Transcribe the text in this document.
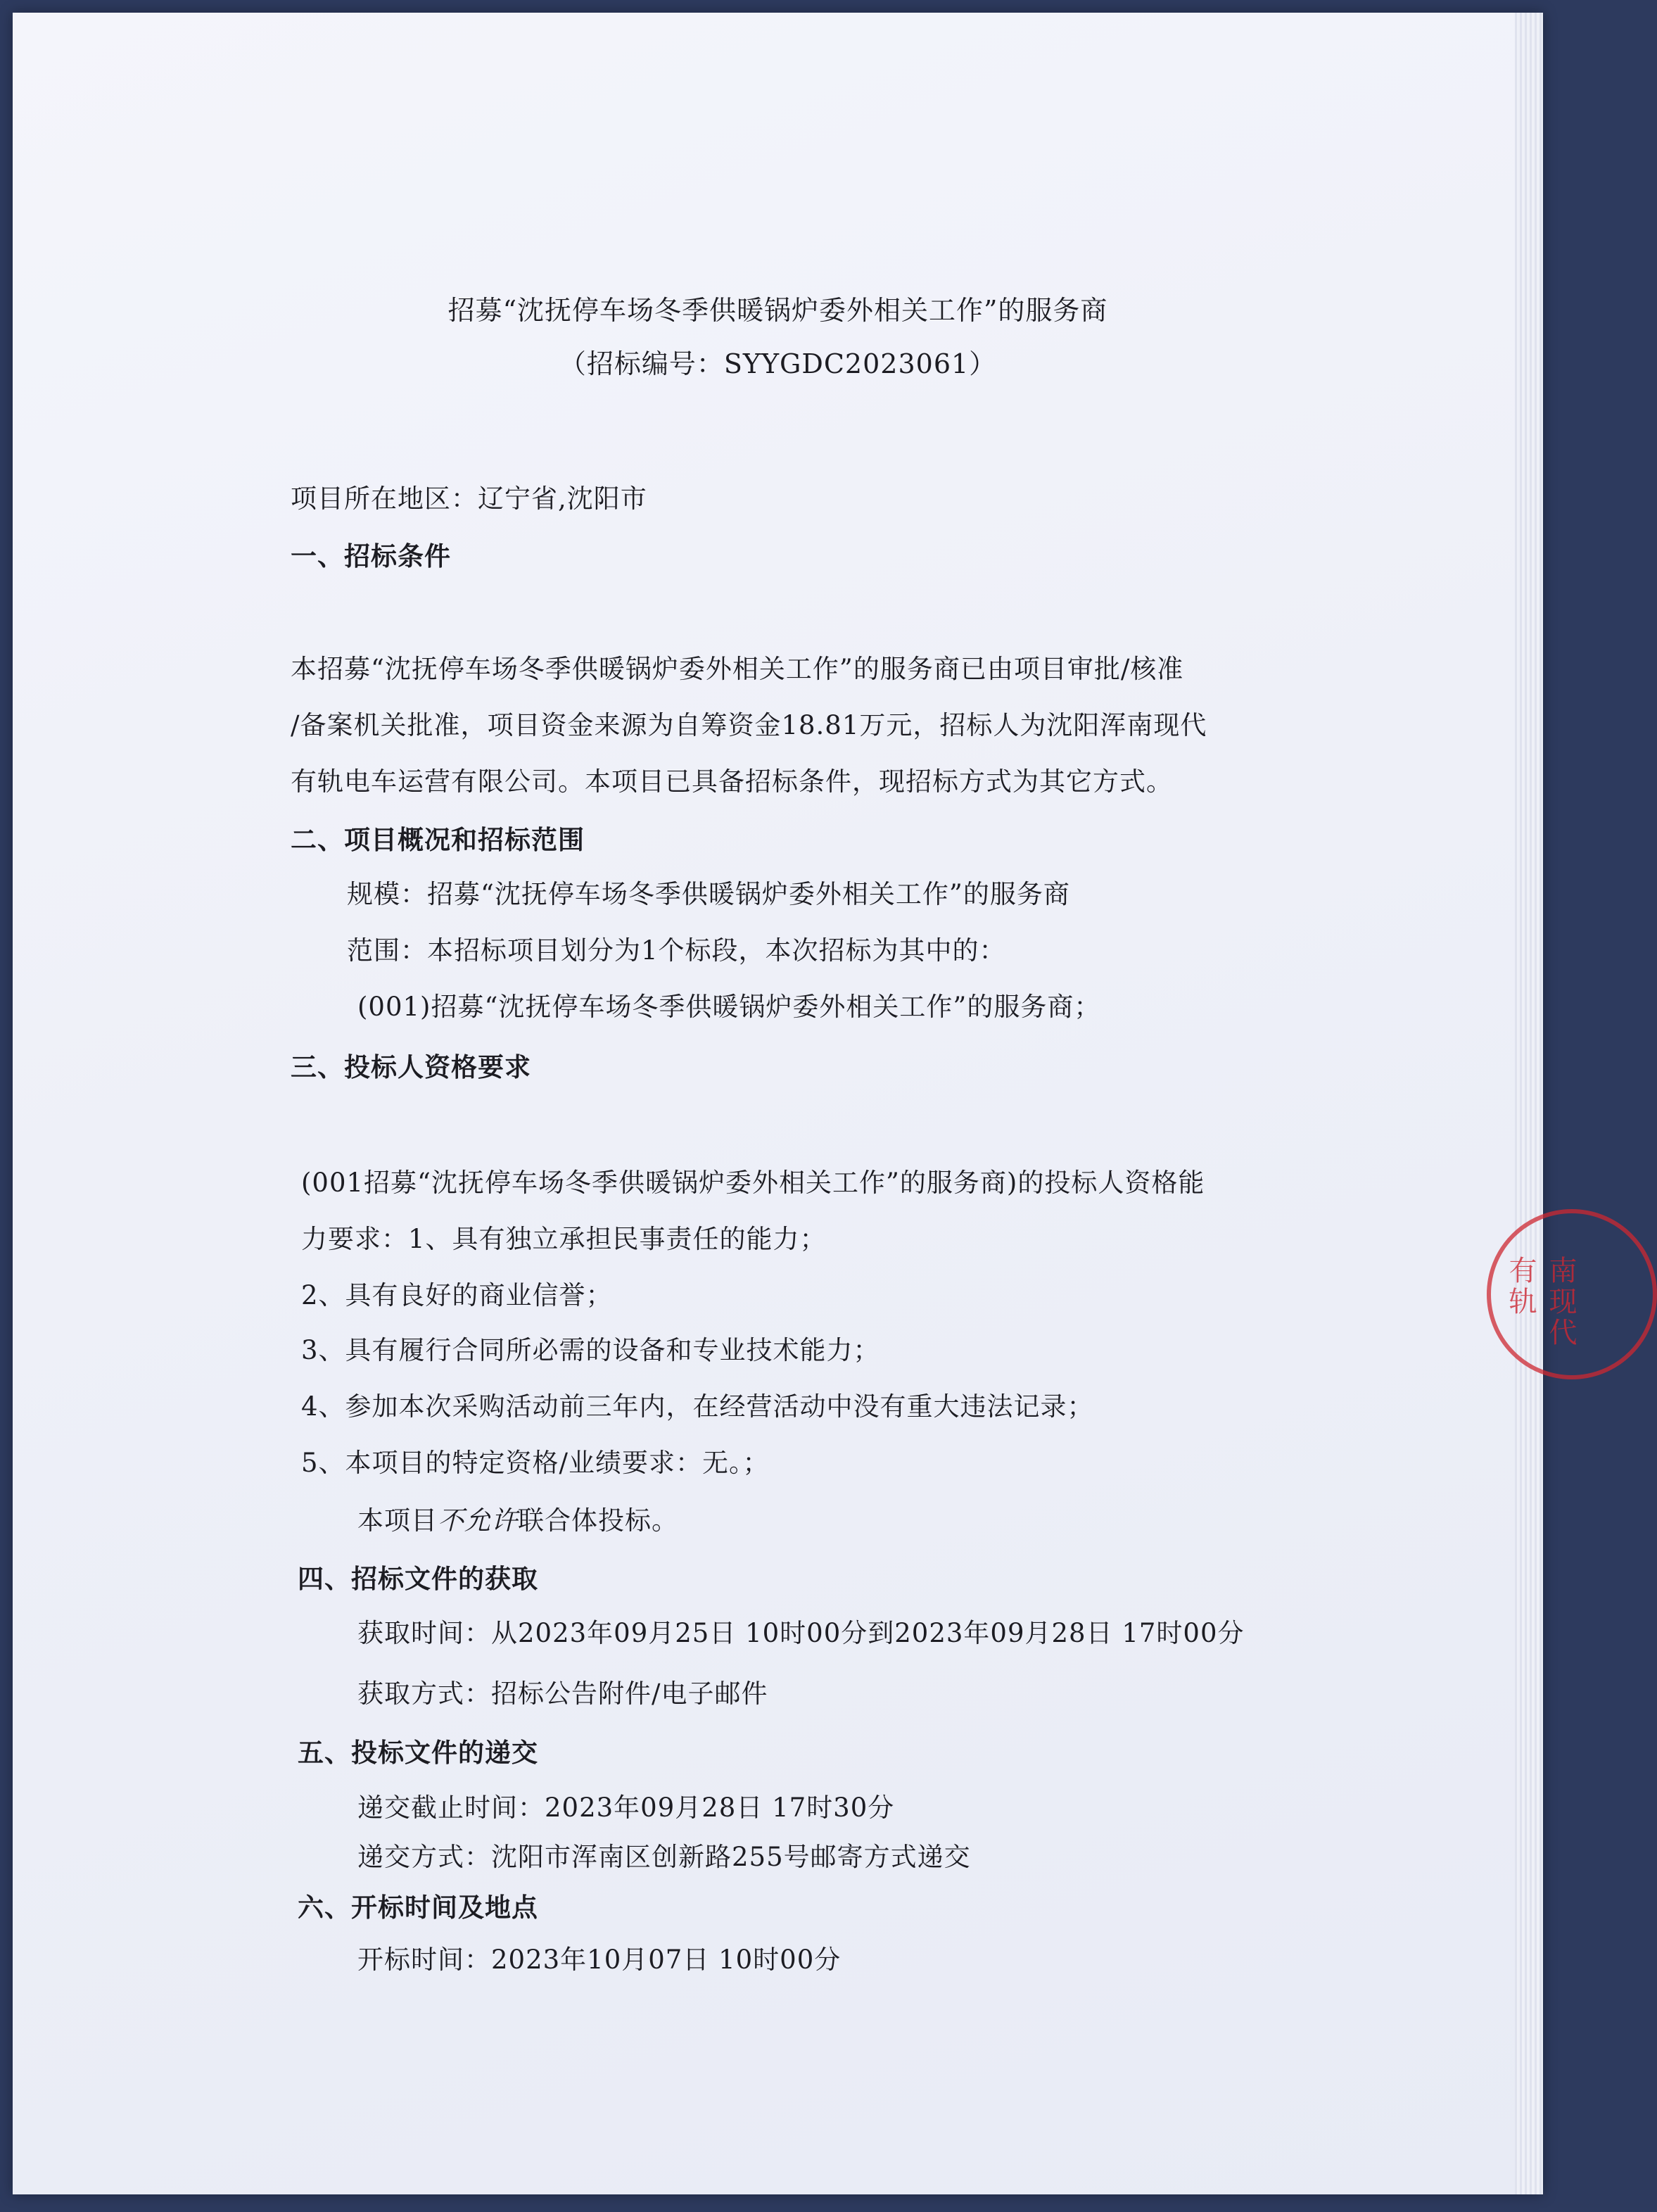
招募“沈抚停车场冬季供暖锅炉委外相关工作”的服务商
（招标编号：SYYGDC2023061）
项目所在地区：辽宁省,沈阳市
一、招标条件
本招募“沈抚停车场冬季供暖锅炉委外相关工作”的服务商已由项目审批/核准
/备案机关批准，项目资金来源为自筹资金18.81万元，招标人为沈阳浑南现代
有轨电车运营有限公司。本项目已具备招标条件，现招标方式为其它方式。
二、项目概况和招标范围
规模：招募“沈抚停车场冬季供暖锅炉委外相关工作”的服务商
范围：本招标项目划分为1个标段，本次招标为其中的：
(001)招募“沈抚停车场冬季供暖锅炉委外相关工作”的服务商；
三、投标人资格要求
(001招募“沈抚停车场冬季供暖锅炉委外相关工作”的服务商)的投标人资格能
力要求：1、具有独立承担民事责任的能力；
2、具有良好的商业信誉；
3、具有履行合同所必需的设备和专业技术能力；
4、参加本次采购活动前三年内，在经营活动中没有重大违法记录；
5、本项目的特定资格/业绩要求：无。；
本项目不允许联合体投标。
四、招标文件的获取
获取时间：从2023年09月25日 10时00分到2023年09月28日 17时00分
获取方式：招标公告附件/电子邮件
五、投标文件的递交
递交截止时间：2023年09月28日 17时30分
递交方式：沈阳市浑南区创新路255号邮寄方式递交
六、开标时间及地点
开标时间：2023年10月07日 10时00分
南现代有轨
